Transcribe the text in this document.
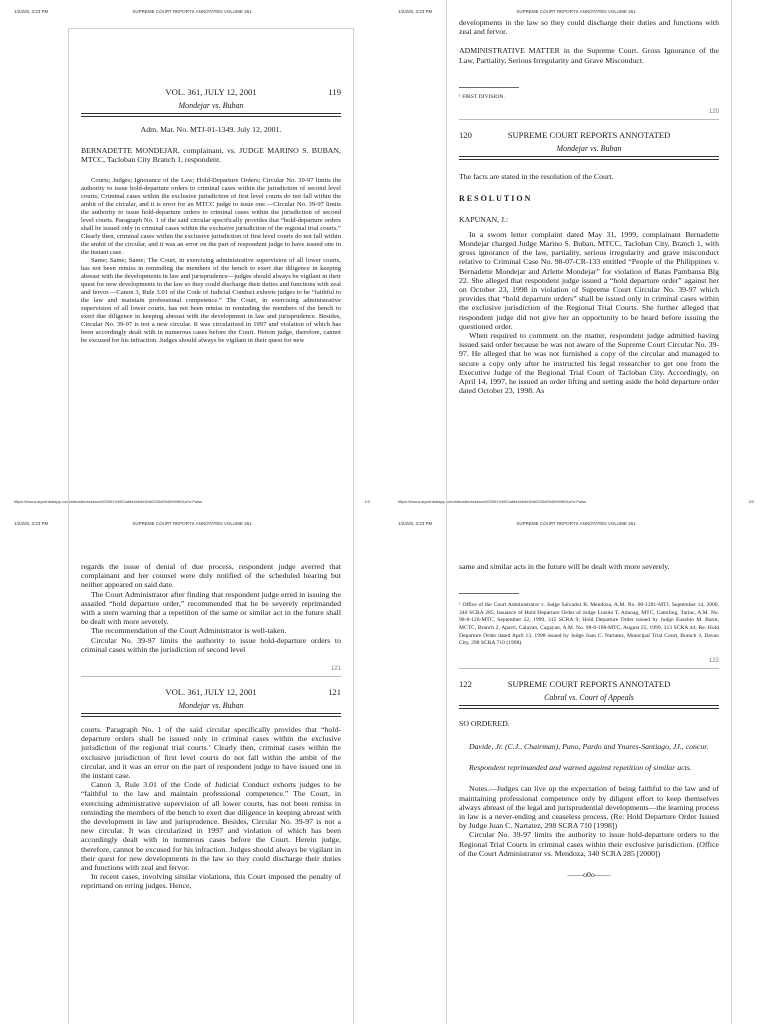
1/23/25, 3:23 PM	SUPREME COURT REPORTS ANNOTATED VOLUME 361
https://escra.mycentralapp.com/sfreader/session/00000194920a6f44b64e82d0030d0949059604a?t=False	1/3
1/23/25, 3:23 PM	SUPREME COURT REPORTS ANNOTATED VOLUME 361
https://escra.mycentralapp.com/sfreader/session/00000194920a6f44b64e82d0030d0949059604a?t=False	2/3
1/23/25, 3:23 PM	SUPREME COURT REPORTS ANNOTATED VOLUME 361	1/23/25, 3:23 PM	SUPREME COURT REPORTS ANNOTATED VOLUME 361
VOL. 361, JULY 12, 2001	119
Mondejar vs. Buban

Adm. Mat. No. MTJ-01-1349. July 12, 2001.

BERNADETTE MONDEJAR, complainant, vs. JUDGE MARINO S. BUBAN, MTCC, Tacloban City Branch 1, respondent.

Courts; Judges; Ignorance of the Law; Hold-Departure Orders; Circular No. 39-97 limits the authority to issue hold-departure orders to criminal cases within the jurisdiction of second level courts; Criminal cases within the exclusive jurisdiction of first level courts do not fall within the ambit of the circular, and it is error for an MTCC judge to issue one.—Circular No. 39-97 limits the authority to issue hold-departure orders to criminal cases within the jurisdiction of second level courts. Paragraph No. 1 of the said circular specifically provides that “hold-departure orders shall be issued only in criminal cases within the exclusive jurisdiction of the regional trial courts.” Clearly then, criminal cases within the exclusive jurisdiction of first level courts do not fall within the ambit of the circular, and it was an error on the part of respondent judge to have issued one in the instant case.

Same; Same; Same; The Court, in exercising administrative supervision of all lower courts, has not been remiss in reminding the members of the bench to exert due diligence in keeping abreast with the developments in law and jurisprudence—judges should always be vigilant in their quest for new developments in the law so they could discharge their duties and functions with zeal and fervor.—Canon 3, Rule 3.01 of the Code of Judicial Conduct exhorts judges to be “faithful to the law and maintain professional competence.” The Court, in exercising administrative supervision of all lower courts, has not been remiss in reminding the members of the bench to exert due diligence in keeping abreast with the development in law and jurisprudence. Besides, Circular No. 39-97 is not a new circular. It was circularized in 1997 and violation of which has been accordingly dealt with in numerous cases before the Court. Herein judge, therefore, cannot be excused for his infraction. Judges should always be vigilant in their quest for new

developments in the law so they could discharge their duties and functions with zeal and fervor.

ADMINISTRATIVE MATTER in the Supreme Court. Gross Ignorance of the Law, Partiality, Serious Irregularity and Grave Misconduct.

¹ FIRST DIVISION.

120
120	SUPREME COURT REPORTS ANNOTATED
Mondejar vs. Buban

The facts are stated in the resolution of the Court.

RESOLUTION

KAPUNAN, J.:

In a sworn letter complaint dated May 31, 1999, complainant Bernadette Mondejar charged Judge Marino S. Buban, MTCC, Tacloban City, Branch 1, with gross ignorance of the law, partiality, serious irregularity and grave misconduct relative to Criminal Case No. 98-07-CR-133 entitled “People of the Philippines v. Bernadette Mondejar and Arlette Mondejar” for violation of Batas Pambansa Blg 22. She alleged that respondent judge issued a “hold departure order” against her on October 23, 1998 in violation of Supreme Court Circular No. 39-97 which provides that “hold departure orders” shall be issued only in criminal cases within the exclusive jurisdiction of the Regional Trial Courts. She further alleged that respondent judge did not give her an opportunity to be heard before issuing the questioned order.

When required to comment on the matter, respondent judge admitted having issued said order because he was not aware of the Supreme Court Circular No. 39-97. He alleged that he was not furnished a copy of the circular and managed to secure a copy only after he instructed his legal researcher to get one from the Executive Judge of the Regional Trial Court of Tacloban City. Accordingly, on April 14, 1997, he issued an order lifting and setting aside the hold departure order dated October 23, 1998. As

regards the issue of denial of due process, respondent judge averred that complainant and her counsel were duly notified of the scheduled hearing but neither appeared on said date.

The Court Administrator after finding that respondent judge erred in issuing the assailed “hold departure order,” recommended that he be severely reprimanded with a stern warning that a repetition of the same or similar act in the future shall be dealt with more severely.

The recommendation of the Court Administrator is well-taken.

Circular No. 39-97 limits the authority to issue hold-departure orders to criminal cases within the jurisdiction of second level

121
VOL. 361, JULY 12, 2001	121
Mondejar vs. Buban

courts. Paragraph No. 1 of the said circular specifically provides that “hold-departure orders shall be issued only in criminal cases within the exclusive jurisdiction of the regional trial courts.’ Clearly then, criminal cases within the exclusive jurisdiction of first level courts do not fall within the ambit of the circular, and it was an error on the part of respondent judge to have issued one in the instant case.

Canon 3, Rule 3.01 of the Code of Judicial Conduct exhorts judges to be “faithful to the law and maintain professional competence.” The Court, in exercising administrative supervision of all lower courts, has not been remiss in reminding the members of the bench to exert due diligence in keeping abreast with the development in law and jurisprudence. Besides, Circular No. 39-97 is not a new circular. It was circularized in 1997 and violation of which has been accordingly dealt with in numerous cases before the Court. Herein judge, therefore, cannot be excused for his infraction. Judges should always be vigilant in their quest for new developments in the law so they could discharge their duties and functions with zeal and fervor.

In recent cases, involving similar violations, this Court imposed the penalty of reprimand on erring judges. Hence,

same and similar acts in the future will be dealt with more severely.

¹ Office of the Court Administrator v. Judge Salvador B. Mendoza, A.M. No. 00-1281-MTJ, September 14, 2000, 340 SCRA 285; Issuance of Hold Departure Order of Judge Luisito T. Adaoag, MTC, Camiling, Tarlac, A.M. No. 98-8-126-MTC, September 22, 1999, 315 SCRA 9; Hold Departure Order issued by Judge Eusebio M. Barot, MCTC, Branch 2, Aparri, Calayan, Cagayan, A.M. No. 98-8-108-MTC, August 25, 1999, 313 SCRA 44; Re: Hold Departure Order dated April 13, 1998 issued by Judge Juan C. Nartatez, Municipal Trial Court, Branch 3, Davao City, 298 SCRA 710 (1998).

122
122	SUPREME COURT REPORTS ANNOTATED
Cabral vs. Court of Appeals

SO ORDERED.

Davide, Jr. (C.J., Chairman), Puno, Pardo and Ynares-Santiago, JJ., concur.

Respondent reprimanded and warned against repetition of similar acts.

Notes.—Judges can live up the expectation of being faithful to the law and of maintaining professional competence only by diligent effort to keep themselves always abreast of the legal and jurisprudential developments—the learning process in law is a never-ending and ceaseless process. (Re: Hold Departure Order Issued by Judge Juan C. Nartatez, 298 SCRA 710 [1998])

Circular No. 39-97 limits the authority to issue hold-departure orders to the Regional Trial Courts in criminal cases within their exclusive jurisdiction. (Office of the Court Administrator vs. Mendoza, 340 SCRA 285 [2000])

——o0o——
